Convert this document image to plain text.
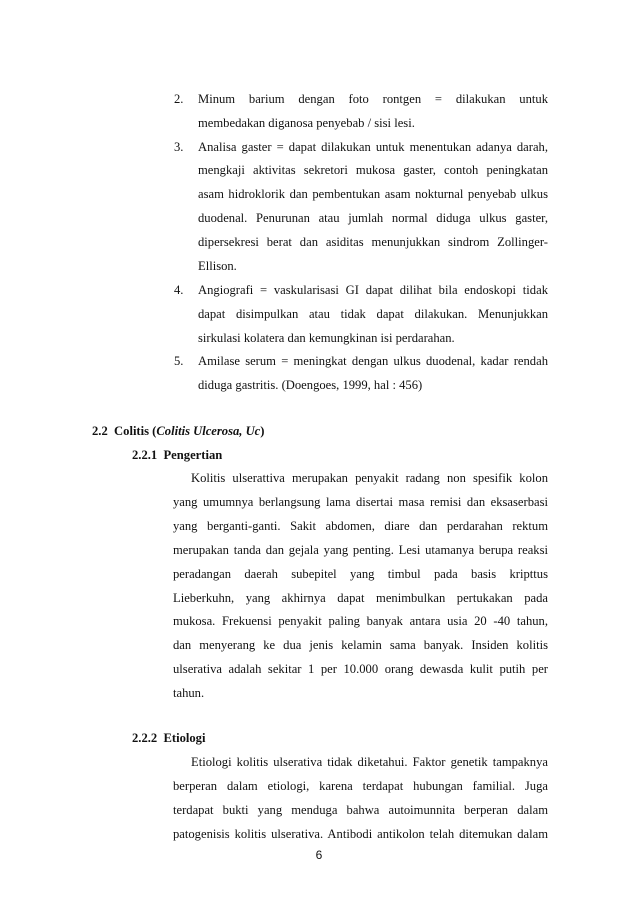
2. Minum barium dengan foto rontgen = dilakukan untuk
membedakan diganosa penyebab / sisi lesi.
3. Analisa gaster = dapat dilakukan untuk menentukan adanya darah,
mengkaji aktivitas sekretori mukosa gaster, contoh peningkatan
asam hidroklorik dan pembentukan asam nokturnal penyebab ulkus
duodenal. Penurunan atau jumlah normal diduga ulkus gaster,
dipersekresi berat dan asiditas menunjukkan sindrom Zollinger-
Ellison.
4. Angiografi = vaskularisasi GI dapat dilihat bila endoskopi tidak
dapat disimpulkan atau tidak dapat dilakukan. Menunjukkan
sirkulasi kolatera dan kemungkinan isi perdarahan.
5. Amilase serum = meningkat dengan ulkus duodenal, kadar rendah
diduga gastritis. (Doengoes, 1999, hal : 456)
2.2 Colitis (Colitis Ulcerosa, Uc)
2.2.1 Pengertian
Kolitis ulserattiva merupakan penyakit radang non spesifik kolon
yang umumnya berlangsung lama disertai masa remisi dan eksaserbasi
yang berganti-ganti. Sakit abdomen, diare dan perdarahan rektum
merupakan tanda dan gejala yang penting. Lesi utamanya berupa reaksi
peradangan daerah subepitel yang timbul pada basis kripttus
Lieberkuhn, yang akhirnya dapat menimbulkan pertukakan pada
mukosa. Frekuensi penyakit paling banyak antara usia 20 -40 tahun,
dan menyerang ke dua jenis kelamin sama banyak. Insiden kolitis
ulserativa adalah sekitar 1 per 10.000 orang dewasda kulit putih per
tahun.
2.2.2 Etiologi
Etiologi kolitis ulserativa tidak diketahui. Faktor genetik tampaknya
berperan dalam etiologi, karena terdapat hubungan familial. Juga
terdapat bukti yang menduga bahwa autoimunnita berperan dalam
patogenisis kolitis ulserativa. Antibodi antikolon telah ditemukan dalam
6
